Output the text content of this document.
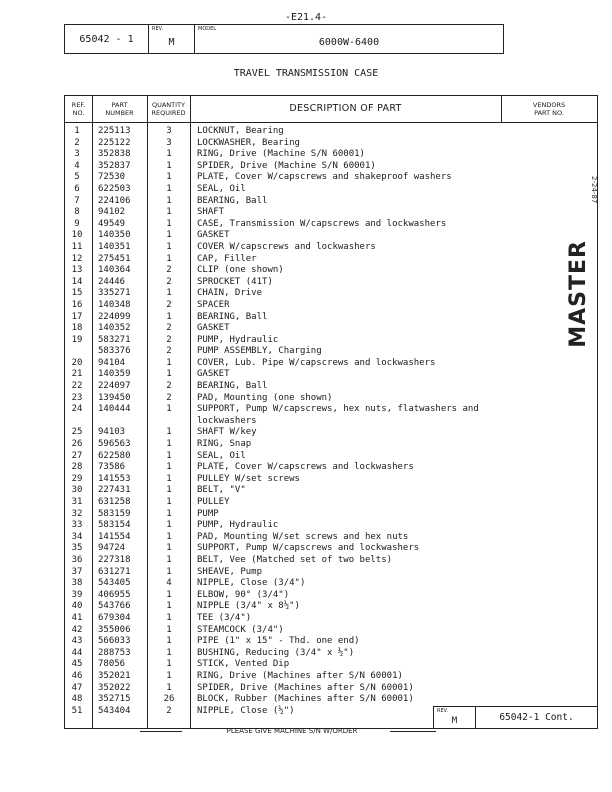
-E21.4-
65042 - 1
REV.
M
MODEL
6000W-6400
TRAVEL TRANSMISSION CASE
REF.
NO.
PART
NUMBER
QUANTITY
REQUIRED	DESCRIPTION OF PART	VENDORS
PART NO.
1	225113	3	LOCKNUT, Bearing
2	225122	3	LOCKWASHER, Bearing
3	352838	1	RING, Drive (Machine S/N 60001)
4	352837	1	SPIDER, Drive (Machine S/N 60001)
5	72530	1	PLATE, Cover W/capscrews and shakeproof washers
6	622503	1	SEAL, Oil
7	224106	1	BEARING, Ball
8	94102	1	SHAFT
9	49549	1	CASE, Transmission W/capscrews and lockwashers
10	140350	1	GASKET
11	140351	1	COVER W/capscrews and lockwashers
12	275451	1	CAP, Filler
13	140364	2	CLIP (one shown)
14	24446	2	SPROCKET (41T)
15	335271	1	CHAIN, Drive
16	140348	2	SPACER
17	224099	1	BEARING, Ball
18	140352	2	GASKET
19	583271	2	PUMP, Hydraulic
583376	2	PUMP ASSEMBLY, Charging
20	94104	1	COVER, Lub. Pipe W/capscrews and lockwashers
21	140359	1	GASKET
22	224097	2	BEARING, Ball
23	139450	2	PAD, Mounting (one shown)
24	140444	1	SUPPORT, Pump W/capscrews, hex nuts, flatwashers and
lockwashers
25	94103	1	SHAFT W/key
26	596563	1	RING, Snap
27	622580	1	SEAL, Oil
28	73586	1	PLATE, Cover W/capscrews and lockwashers
29	141553	1	PULLEY W/set screws
30	227431	1	BELT, "V"
31	631258	1	PULLEY
32	583159	1	PUMP
33	583154	1	PUMP, Hydraulic
34	141554	1	PAD, Mounting W/set screws and hex nuts
35	94724	1	SUPPORT, Pump W/capscrews and lockwashers
36	227318	1	BELT, Vee (Matched set of two belts)
37	631271	1	SHEAVE, Pump
38	543405	4	NIPPLE, Close (3/4")
39	406955	1	ELBOW, 90° (3/4")
40	543766	1	NIPPLE (3/4" x 8½")
41	679304	1	TEE (3/4")
42	355006	1	STEAMCOCK (3/4")
43	566033	1	PIPE (1" x 15" - Thd. one end)
44	288753	1	BUSHING, Reducing (3/4" x ½")
45	78056	1	STICK, Vented Dip
46	352021	1	RING, Drive (Machines after S/N 60001)
47	352022	1	SPIDER, Drive (Machines after S/N 60001)
48	352715	26	BLOCK, Rubber (Machines after S/N 60001)
51	543404	2	NIPPLE, Close (½")	REV.
M	65042-1 Cont.
PLEASE GIVE MACHINE S/N W/ORDER
MASTER
2-24-87
